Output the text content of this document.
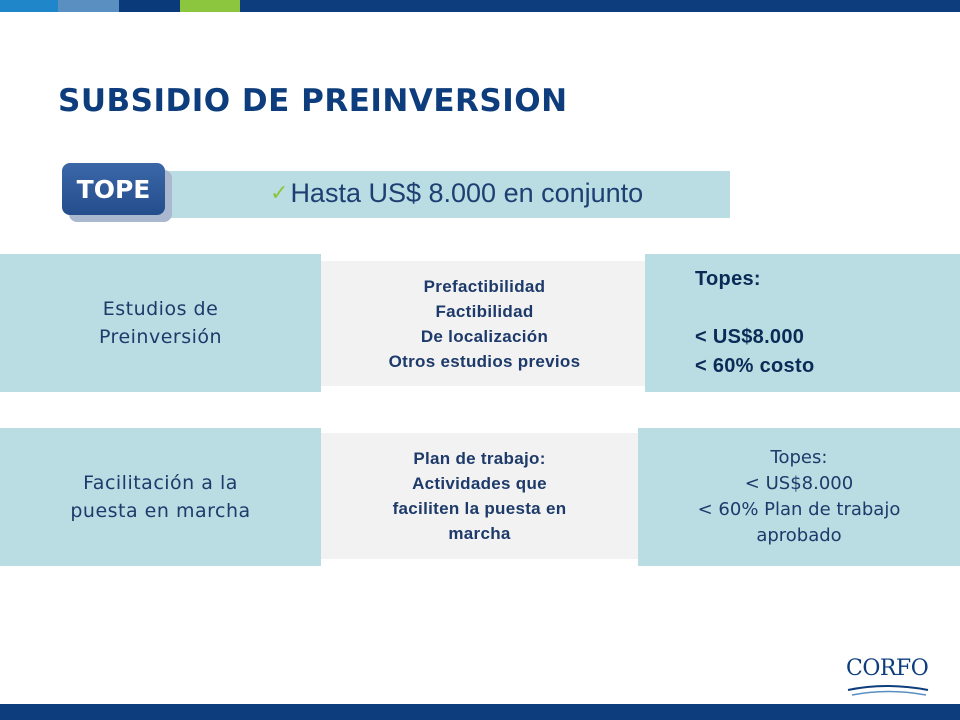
SUBSIDIO DE PREINVERSION
TOPE	✓ Hasta US$ 8.000 en conjunto
Estudios de
Preinversión
Prefactibilidad
Factibilidad
De localización
Otros estudios previos
Topes:
< US$8.000
< 60% costo
Facilitación a la
puesta en marcha
Plan de trabajo:
Actividades que
faciliten la puesta en
marcha
Topes:
< US$8.000
< 60% Plan de trabajo
aprobado
CORFO
